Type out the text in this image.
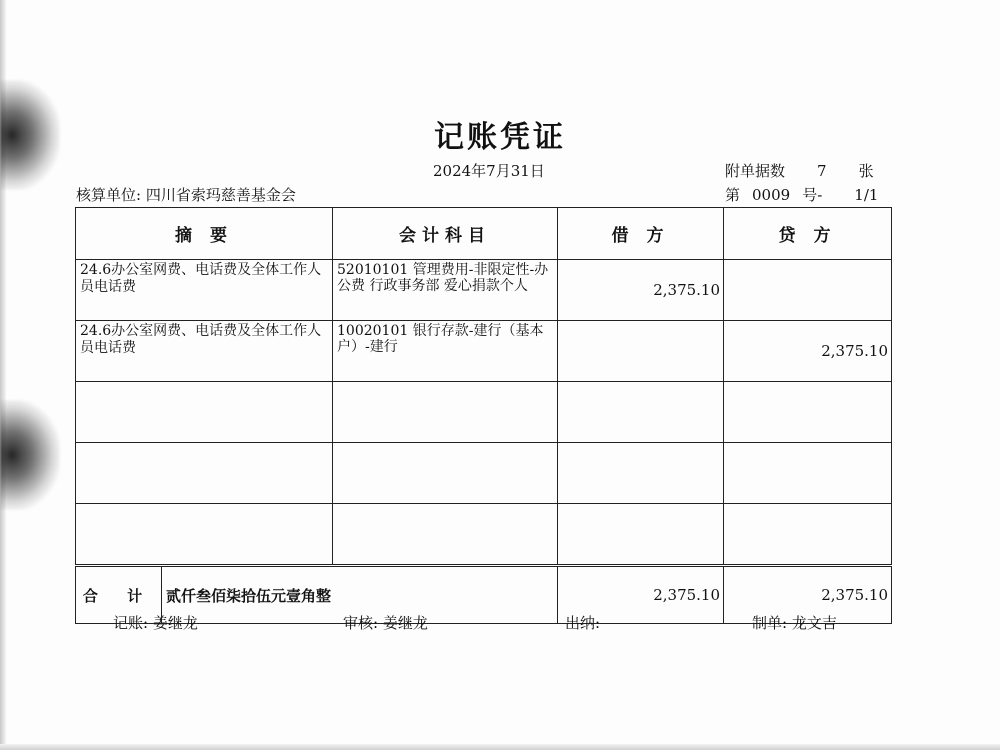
记账凭证
2024年7月31日	附单据数 7 张
核算单位: 四川省索玛慈善基金会	第 0009 号- 1/1
摘 要		会计科目	借 方	贷 方
24.6办公室网费、电话费及全体工作人员电话费		52010101 管理费用-非限定性-办公费 行政事务部 爱心捐款个人	2,375.10	
24.6办公室网费、电话费及全体工作人员电话费		10020101 银行存款-建行（基本户）-建行		2,375.10

合 计	贰仟叁佰柒拾伍元壹角整		2,375.10	2,375.10
记账: 姜继龙	审核: 姜继龙	出纳:	制单: 龙文吉
